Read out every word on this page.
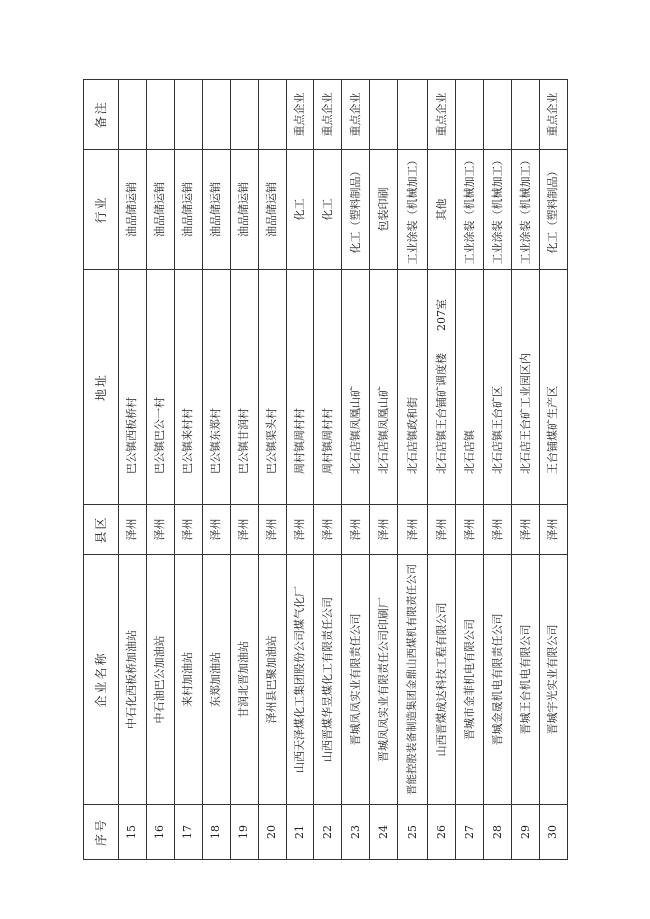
序号	企业名称	县区	地址	行业	备注
15	中石化西板桥加油站	泽州	巴公镇西板桥村	油品储运销	
16	中石油巴公加油站	泽州	巴公镇巴公一村	油品储运销	
17	来村加油站	泽州	巴公镇来村村	油品储运销	
18	东郑加油站	泽州	巴公镇东郑村	油品储运销	
19	甘润北晋加油站	泽州	巴公镇甘润村	油品储运销	
20	泽州县巴聚加油站	泽州	巴公镇渠头村	油品储运销	
21	山西天泽煤化工集团股份公司煤气化厂	泽州	周村镇周村村	化工	重点企业
22	山西晋煤华昱煤化工有限责任公司	泽州	周村镇周村村	化工	重点企业
23	晋城凤凤实业有限责任公司	泽州	北石店镇凤凰山矿	化工（塑料制品）	重点企业
24	晋城凤凤实业有限责任公司印刷厂	泽州	北石店镇凤凰山矿	包装印刷	
25	晋能控股装备制造集团金鼎山西煤机有限责任公司	泽州	北石店镇政和街	工业涂装（机械加工）	
26	山西晋煤成达科技工程有限公司	泽州	北石店镇王台铺矿调度楼　　207室	其他	重点企业
27	晋城市金菲机电有限公司	泽州	北石店镇	工业涂装（机械加工）	
28	晋城金晟机电有限责任公司	泽州	北石店镇王台矿区	工业涂装（机械加工）	
29	晋城王台机电有限公司	泽州	北石店王台矿工业园区内	工业涂装（机械加工）	
30	晋城宇光实业有限公司	泽州	王台铺煤矿生产区	化工（塑料制品）	重点企业
